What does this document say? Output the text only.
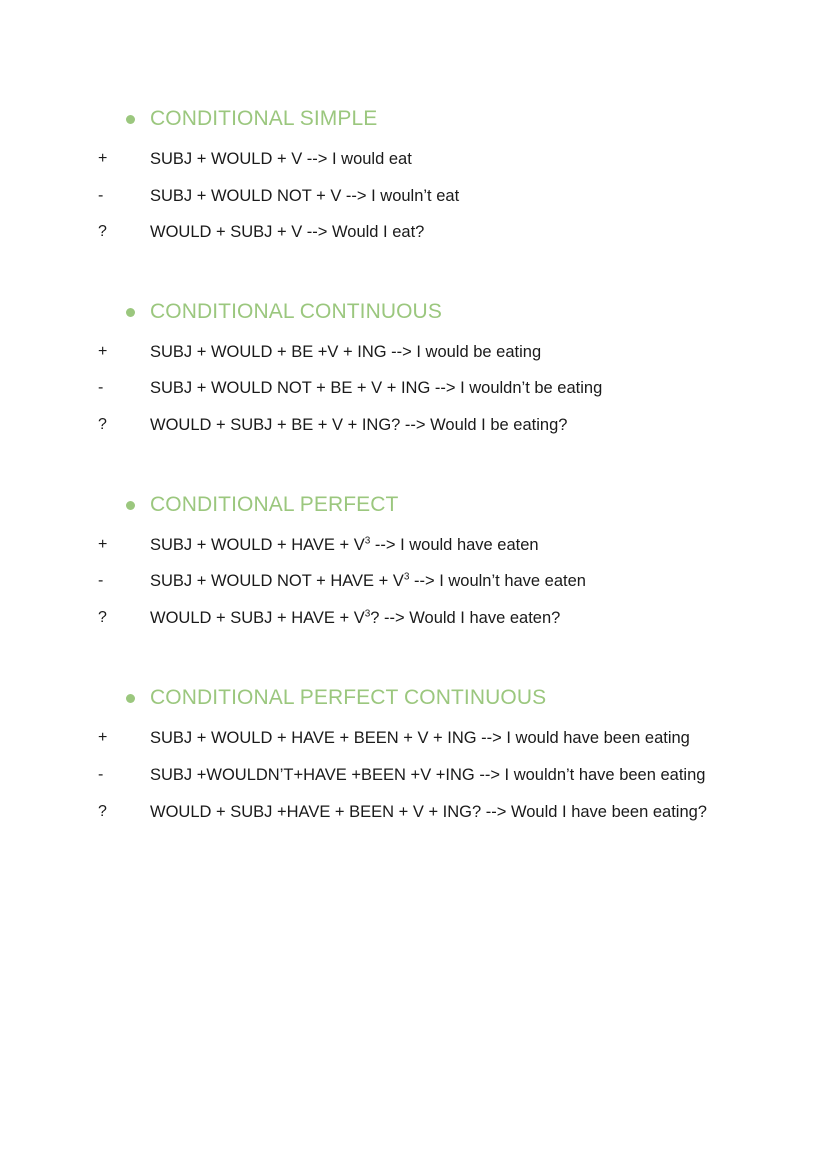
CONDITIONAL SIMPLE
+	SUBJ + WOULD + V --> I would eat
-	SUBJ + WOULD NOT + V --> I wouln’t eat
?	WOULD + SUBJ + V --> Would I eat?
CONDITIONAL CONTINUOUS
+	SUBJ + WOULD + BE +V + ING --> I would be eating
-	SUBJ + WOULD NOT + BE + V + ING --> I wouldn’t be eating
?	WOULD + SUBJ + BE + V + ING? --> Would I be eating?
CONDITIONAL PERFECT
+	SUBJ + WOULD + HAVE + $V^3$ --> I would have eaten
-	SUBJ + WOULD NOT + HAVE + $V^3$ --> I wouln’t have eaten
?	WOULD + SUBJ + HAVE + $V^3$? --> Would I have eaten?
CONDITIONAL PERFECT CONTINUOUS
+	SUBJ + WOULD + HAVE + BEEN + V + ING --> I would have been eating
-	SUBJ +WOULDN’T+HAVE +BEEN +V +ING --> I wouldn’t have been eating
?	WOULD + SUBJ +HAVE + BEEN + V + ING? --> Would I have been eating?
